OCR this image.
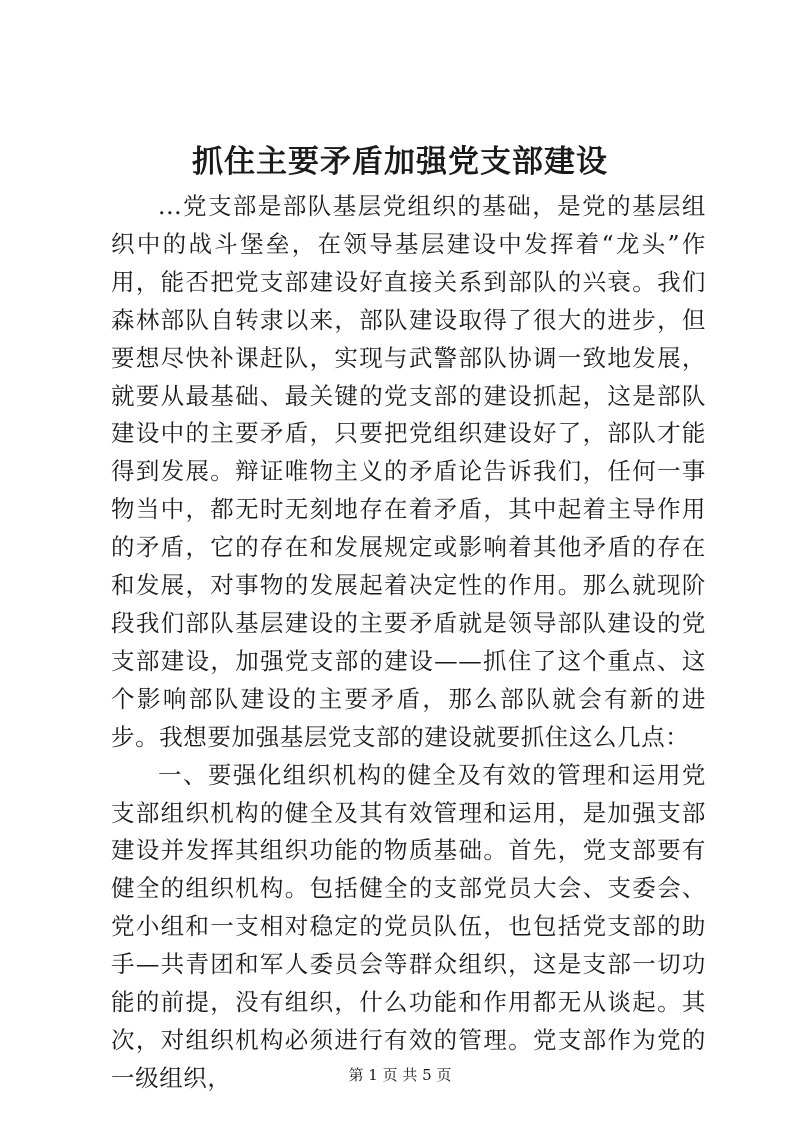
抓住主要矛盾加强党支部建设

...党支部是部队基层党组织的基础，是党的基层组织中的战斗堡垒，在领导基层建设中发挥着“龙头”作用，能否把党支部建设好直接关系到部队的兴衰。我们森林部队自转隶以来，部队建设取得了很大的进步，但要想尽快补课赶队，实现与武警部队协调一致地发展，就要从最基础、最关键的党支部的建设抓起，这是部队建设中的主要矛盾，只要把党组织建设好了，部队才能得到发展。辩证唯物主义的矛盾论告诉我们，任何一事物当中，都无时无刻地存在着矛盾，其中起着主导作用的矛盾，它的存在和发展规定或影响着其他矛盾的存在和发展，对事物的发展起着决定性的作用。那么就现阶段我们部队基层建设的主要矛盾就是领导部队建设的党支部建设，加强党支部的建设——抓住了这个重点、这个影响部队建设的主要矛盾，那么部队就会有新的进步。我想要加强基层党支部的建设就要抓住这么几点：

一、要强化组织机构的健全及有效的管理和运用党支部组织机构的健全及其有效管理和运用，是加强支部建设并发挥其组织功能的物质基础。首先，党支部要有健全的组织机构。包括健全的支部党员大会、支委会、党小组和一支相对稳定的党员队伍，也包括党支部的助手—共青团和军人委员会等群众组织，这是支部一切功能的前提，没有组织，什么功能和作用都无从谈起。其次，对组织机构必须进行有效的管理。党支部作为党的一级组织，	第 1 页 共 5 页
